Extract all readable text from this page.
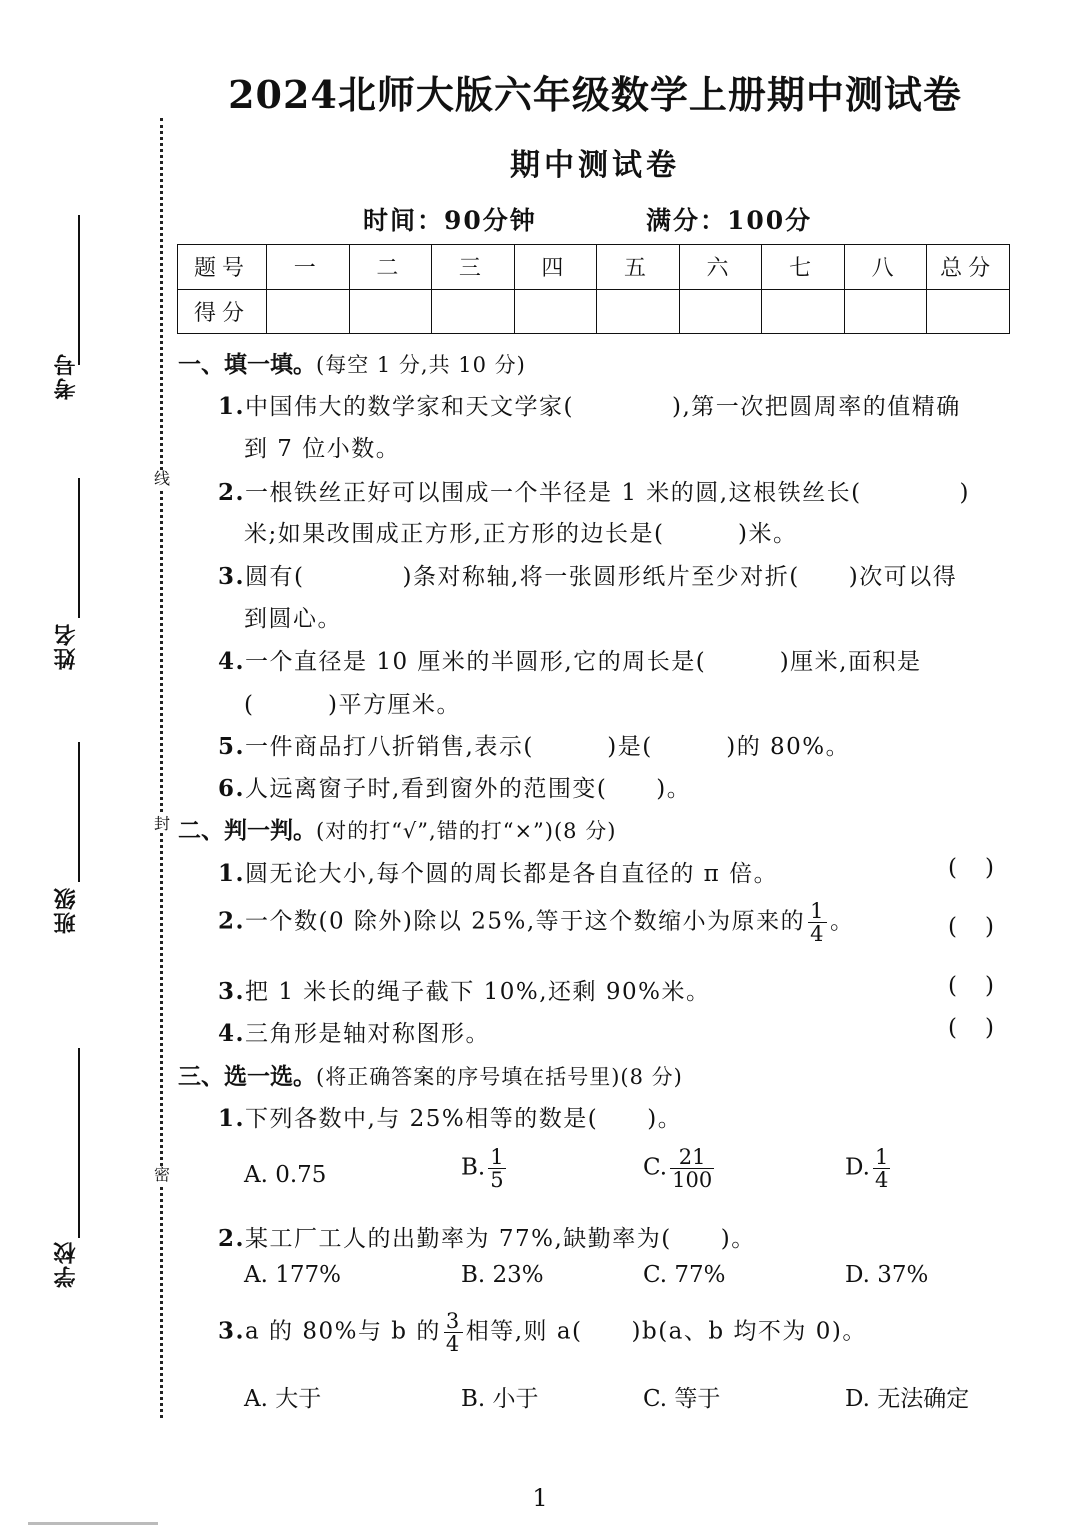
考号
姓名
班级
学校
线
封
密
2024北师大版六年级数学上册期中测试卷
期中测试卷
时间：90分钟	满分：100分
题号	一	二	三	四	五	六	七	八	总分
得分									
一、填一填。(每空 1 分,共 10 分)
1.中国伟大的数学家和天文学家(　　　　),第一次把圆周率的值精确
到 7 位小数。
2.一根铁丝正好可以围成一个半径是 1 米的圆,这根铁丝长(　　　　)
米;如果改围成正方形,正方形的边长是(　　　)米。
3.圆有(　　　　)条对称轴,将一张圆形纸片至少对折(　　)次可以得
到圆心。
4.一个直径是 10 厘米的半圆形,它的周长是(　　　)厘米,面积是
(　　　)平方厘米。
5.一件商品打八折销售,表示(　　　)是(　　　)的 80%。
6.人远离窗子时,看到窗外的范围变(　　)。
二、判一判。(对的打“√”,错的打“×”)(8 分)
1.圆无论大小,每个圆的周长都是各自直径的 π 倍。	()
2.一个数(0 除外)除以 25%,等于这个数缩小为原来的 $\frac{1}{4}$ 。	()
3.把 1 米长的绳子截下 10%,还剩 90%米。	()
4.三角形是轴对称图形。	()
三、选一选。(将正确答案的序号填在括号里)(8 分)
1.下列各数中,与 25%相等的数是(　　)。
A. 0.75	B. $\frac{1}{5}$	C. $\frac{21}{100}$	D. $\frac{1}{4}$
2.某工厂工人的出勤率为 77%,缺勤率为(　　)。
A. 177%	B. 23%	C. 77%	D. 37%
3.a 的 80%与 b 的 $\frac{3}{4}$ 相等,则 a(　　)b(a、b 均不为 0)。
A. 大于	B. 小于	C. 等于	D. 无法确定
1
